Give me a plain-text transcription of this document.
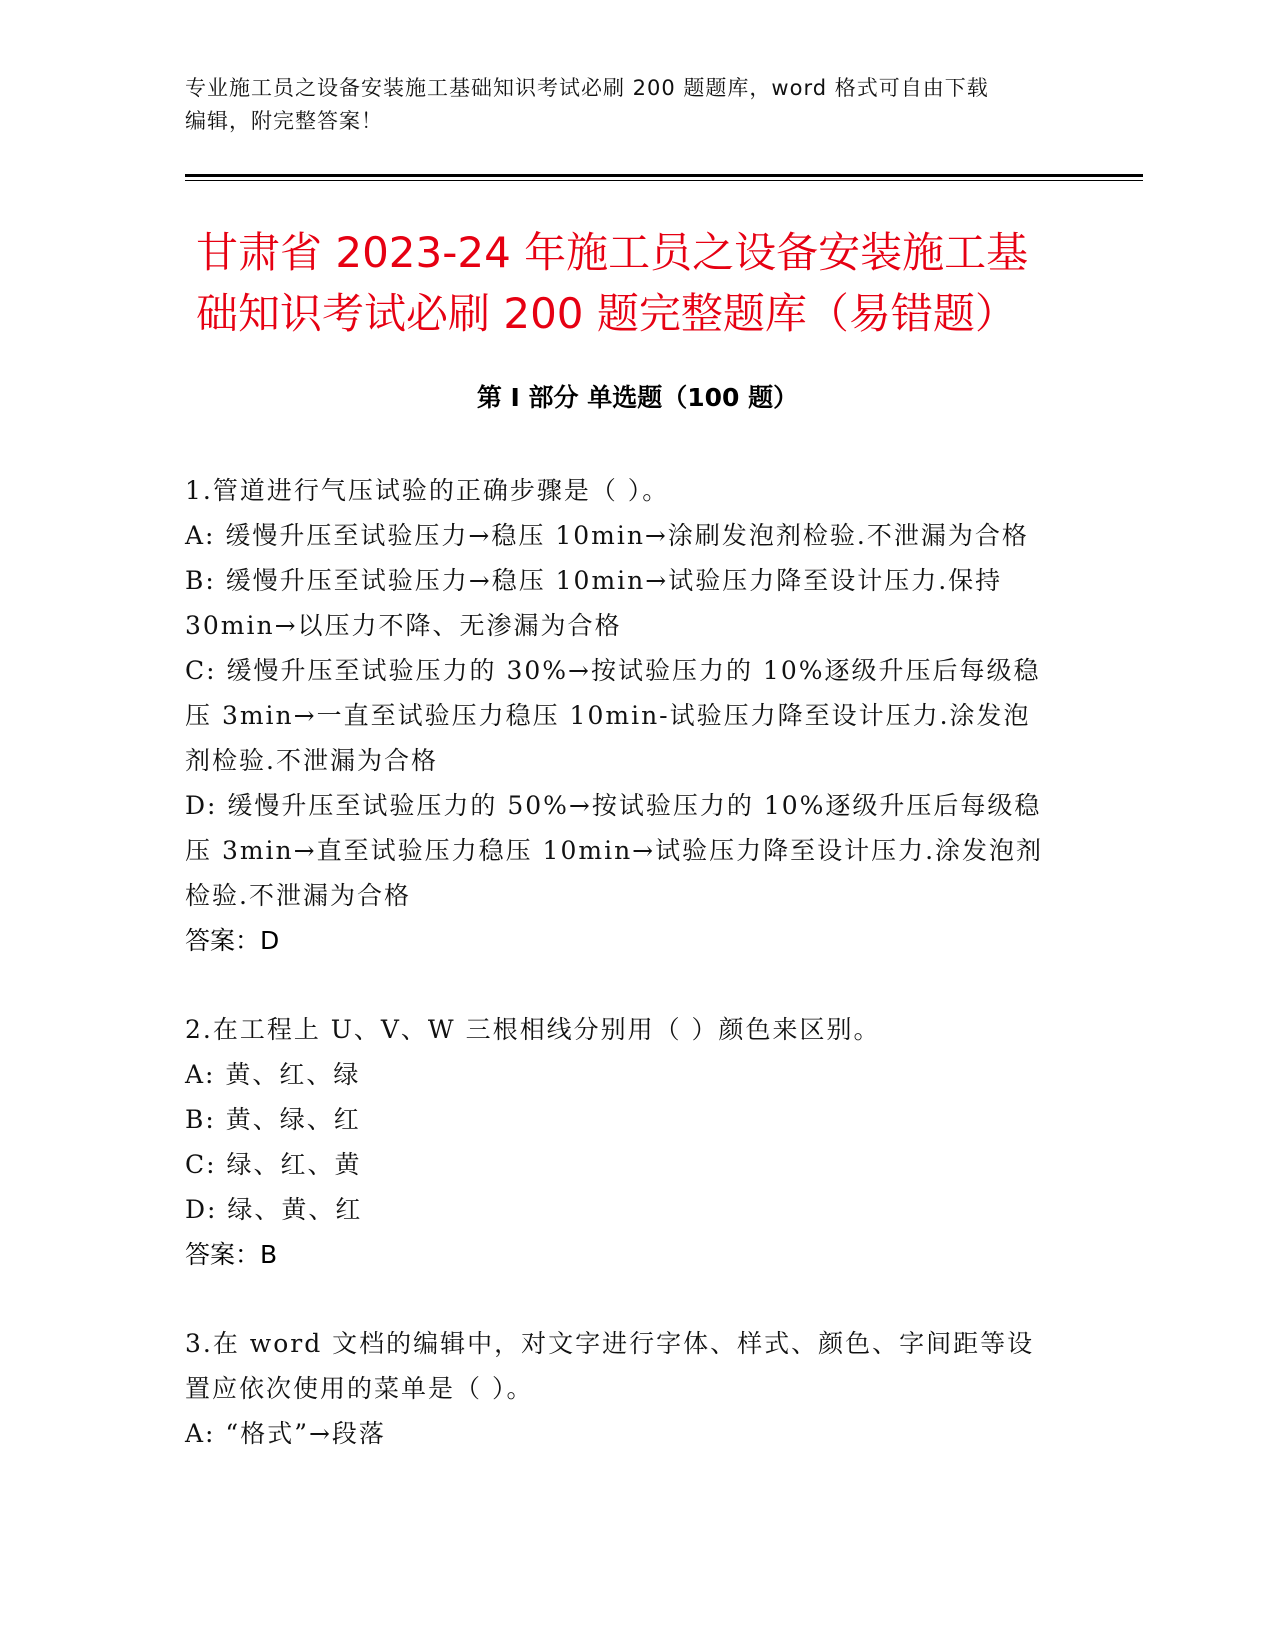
专业施工员之设备安装施工基础知识考试必刷 200 题题库，word 格式可自由下载
编辑，附完整答案！
甘肃省 2023-24 年施工员之设备安装施工基
础知识考试必刷 200 题完整题库（易错题）
第 I 部分 单选题（100 题）
1.管道进行气压试验的正确步骤是（ ）。
A: 缓慢升压至试验压力→稳压 10min→涂刷发泡剂检验.不泄漏为合格
B: 缓慢升压至试验压力→稳压 10min→试验压力降至设计压力.保持
30min→以压力不降、无渗漏为合格
C: 缓慢升压至试验压力的 30%→按试验压力的 10%逐级升压后每级稳
压 3min→一直至试验压力稳压 10min-试验压力降至设计压力.涂发泡
剂检验.不泄漏为合格
D: 缓慢升压至试验压力的 50%→按试验压力的 10%逐级升压后每级稳
压 3min→直至试验压力稳压 10min→试验压力降至设计压力.涂发泡剂
检验.不泄漏为合格
答案：D
2.在工程上 U、V、W 三根相线分别用（ ）颜色来区别。
A: 黄、红、绿
B: 黄、绿、红
C: 绿、红、黄
D: 绿、黄、红
答案：B
3.在 word 文档的编辑中，对文字进行字体、样式、颜色、字间距等设
置应依次使用的菜单是（ ）。
A: “格式”→段落
